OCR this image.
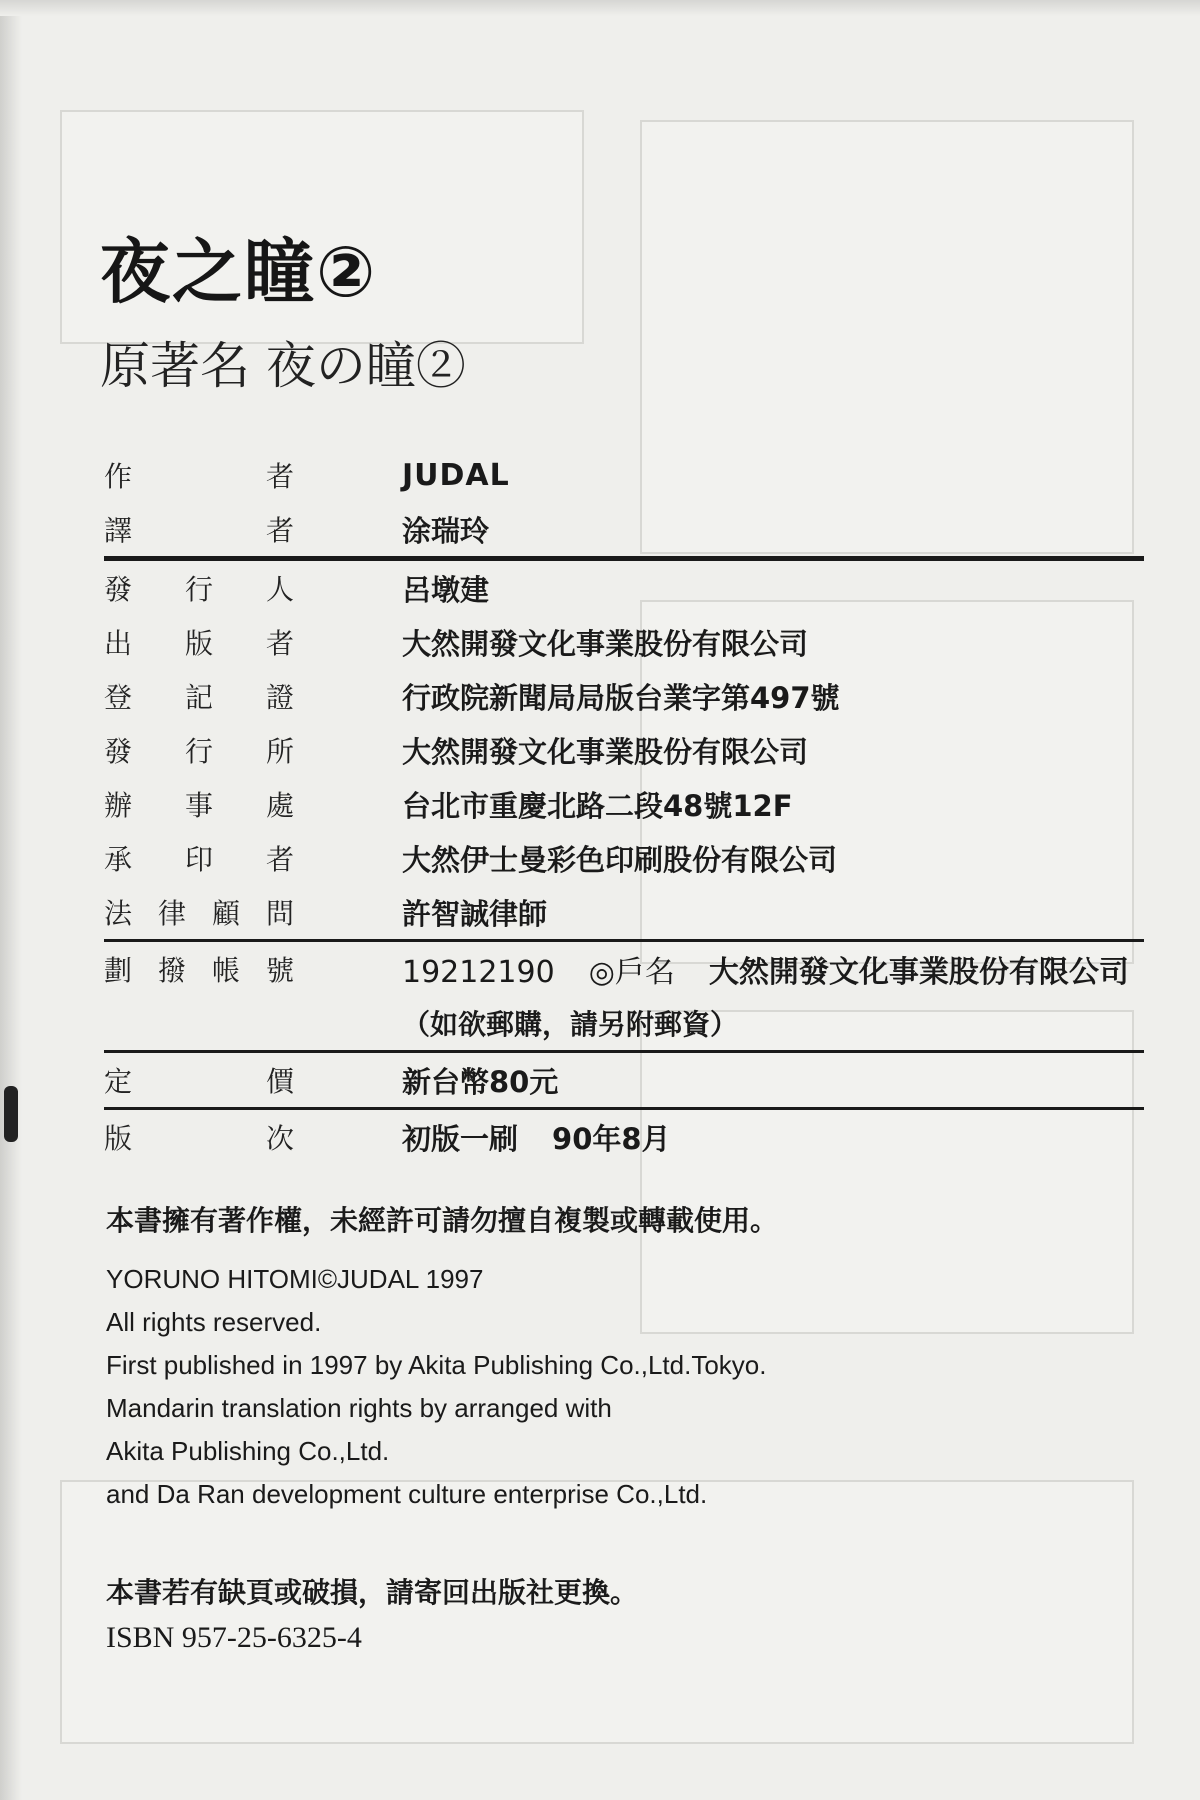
夜之瞳②

原著名 夜の瞳②

作者	JUDAL
譯者	涂瑞玲
發行人	呂墩建
出版者	大然開發文化事業股份有限公司
登記證	行政院新聞局局版台業字第497號
發行所	大然開發文化事業股份有限公司
辦事處	台北市重慶北路二段48號12F
承印者	大然伊士曼彩色印刷股份有限公司
法律顧問	許智誠律師
劃撥帳號	19212190 ◎戶名 大然開發文化事業股份有限公司
（如欲郵購，請另附郵資）
定價	新台幣80元
版次	初版一刷 90年8月

本書擁有著作權，未經許可請勿擅自複製或轉載使用。

YORUNO HITOMI©JUDAL 1997

All rights reserved.

First published in 1997 by Akita Publishing Co.,Ltd.Tokyo.

Mandarin translation rights by arranged with

Akita Publishing Co.,Ltd.

and Da Ran development culture enterprise Co.,Ltd.

本書若有缺頁或破損，請寄回出版社更換。

ISBN 957-25-6325-4
